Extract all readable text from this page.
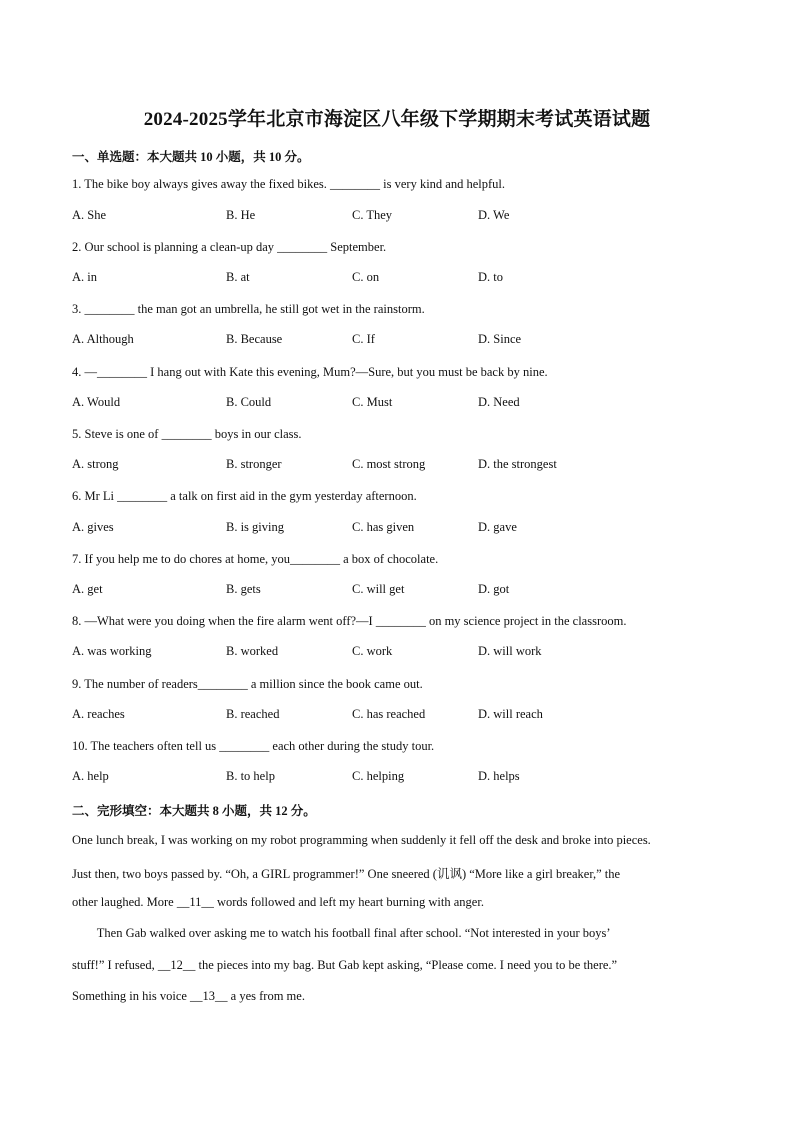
2024-2025学年北京市海淀区八年级下学期期末考试英语试题
一、单选题：本大题共 10 小题，共 10 分。
1. The bike boy always gives away the fixed bikes. ________ is very kind and helpful.
A. She	B. He	C. They	D. We
2. Our school is planning a clean-up day ________ September.
A. in	B. at	C. on	D. to
3. ________ the man got an umbrella, he still got wet in the rainstorm.
A. Although	B. Because	C. If	D. Since
4. —________ I hang out with Kate this evening, Mum?—Sure, but you must be back by nine.
A. Would	B. Could	C. Must	D. Need
5. Steve is one of ________ boys in our class.
A. strong	B. stronger	C. most strong	D. the strongest
6. Mr Li ________ a talk on first aid in the gym yesterday afternoon.
A. gives	B. is giving	C. has given	D. gave
7. If you help me to do chores at home, you________ a box of chocolate.
A. get	B. gets	C. will get	D. got
8. —What were you doing when the fire alarm went off?—I ________ on my science project in the classroom.
A. was working	B. worked	C. work	D. will work
9. The number of readers________ a million since the book came out.
A. reaches	B. reached	C. has reached	D. will reach
10. The teachers often tell us ________ each other during the study tour.
A. help	B. to help	C. helping	D. helps
二、完形填空：本大题共 8 小题，共 12 分。
One lunch break, I was working on my robot programming when suddenly it fell off the desk and broke into pieces.
Just then, two boys passed by. “Oh, a GIRL programmer!” One sneered (讥讽) “More like a girl breaker,” the
other laughed. More __11__ words followed and left my heart burning with anger.
Then Gab walked over asking me to watch his football final after school. “Not interested in your boys’
stuff!” I refused, __12__ the pieces into my bag. But Gab kept asking, “Please come. I need you to be there.”
Something in his voice __13__ a yes from me.
